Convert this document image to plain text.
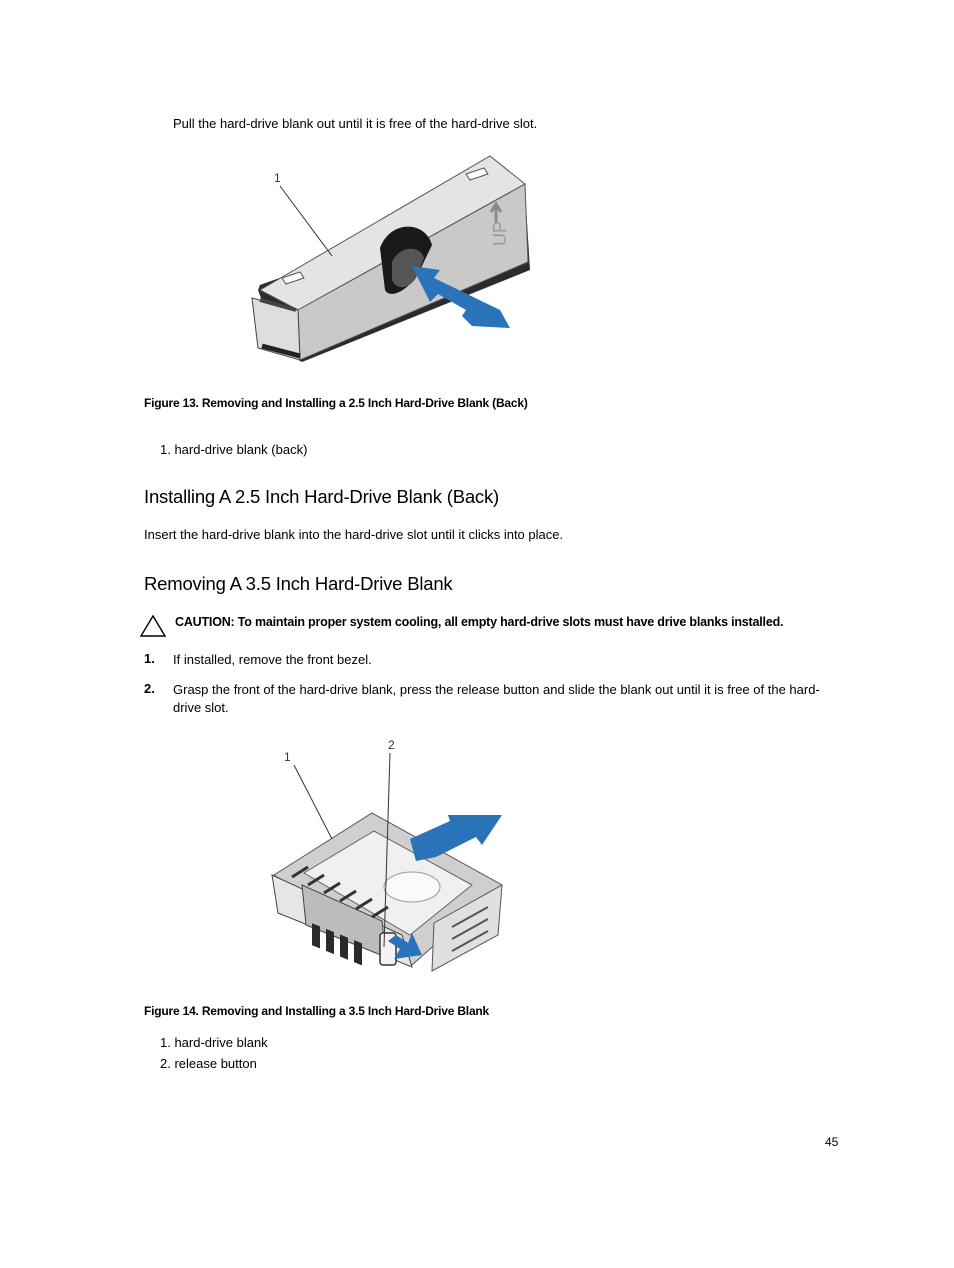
Pull the hard-drive blank out until it is free of the hard-drive slot.
UP
1
Figure 13. Removing and Installing a 2.5 Inch Hard-Drive Blank (Back)
1. hard-drive blank (back)
Installing A 2.5 Inch Hard-Drive Blank (Back)
Insert the hard-drive blank into the hard-drive slot until it clicks into place.
Removing A 3.5 Inch Hard-Drive Blank
CAUTION: To maintain proper system cooling, all empty hard-drive slots must have drive blanks installed.
1. If installed, remove the front bezel.
2. Grasp the front of the hard-drive blank, press the release button and slide the blank out until it is free of the hard-
drive slot.
1
2
Figure 14. Removing and Installing a 3.5 Inch Hard-Drive Blank
1. hard-drive blank
2. release button
45
